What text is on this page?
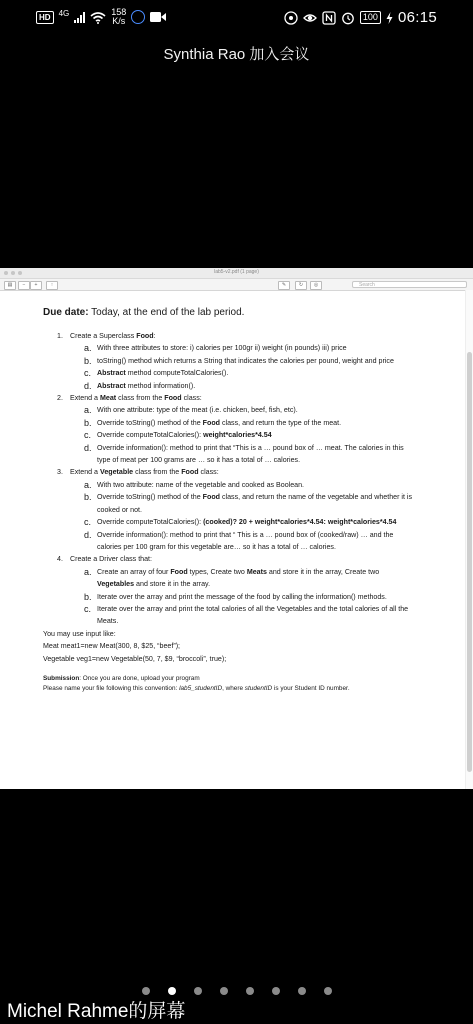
HD	4G	158
K/s	100 06:15
Synthia Rao 加入会议
lab5-v2.pdf (1 page)
▤	−	+	↑	✎	↻	◎	Search
Due date: Today, at the end of the lab period.
1. Create a Superclass Food:
a. With three attributes to store: i) calories per 100gr ii) weight (in pounds) iii) price
b. toString() method which returns a String that indicates the calories per pound, weight and price
c. Abstract method computeTotalCalories().
d. Abstract method information().
2. Extend a Meat class from the Food class:
a. With one attribute: type of the meat (i.e. chicken, beef, fish, etc).
b. Override toString() method of the Food class, and return the type of the meat.
c. Override computeTotalCalories(): weight*calories*4.54
d. Override information(): method to print that “This is a … pound box of … meat. The calories in this type of meat per 100 grams are … so it has a total of … calories.
3. Extend a Vegetable class from the Food class:
a. With two attribute: name of the vegetable and cooked as Boolean.
b. Override toString() method of the Food class, and return the name of the vegetable and whether it is cooked or not.
c. Override computeTotalCalories(): (cooked)? 20 + weight*calories*4.54: weight*calories*4.54
d. Override information(): method to print that “ This is a … pound box of (cooked/raw) … and the calories per 100 gram for this vegetable are… so it has a total of … calories.
4. Create a Driver class that:
a. Create an array of four Food types, Create two Meats and store it in the array, Create two Vegetables and store it in the array.
b. Iterate over the array and print the message of the food by calling the information() methods.
c. Iterate over the array and print the total calories of all the Vegetables and the total calories of all the Meats.

You may use input like:

Meat meat1=new Meat(300, 8, $25, “beef”);

Vegetable veg1=new Vegetable(50, 7, $9, “broccoli”, true);

Submission: Once you are done, upload your program

Please name your file following this convention: lab5_studentID, where studentID is your Student ID number.

Michel Rahme的屏幕
